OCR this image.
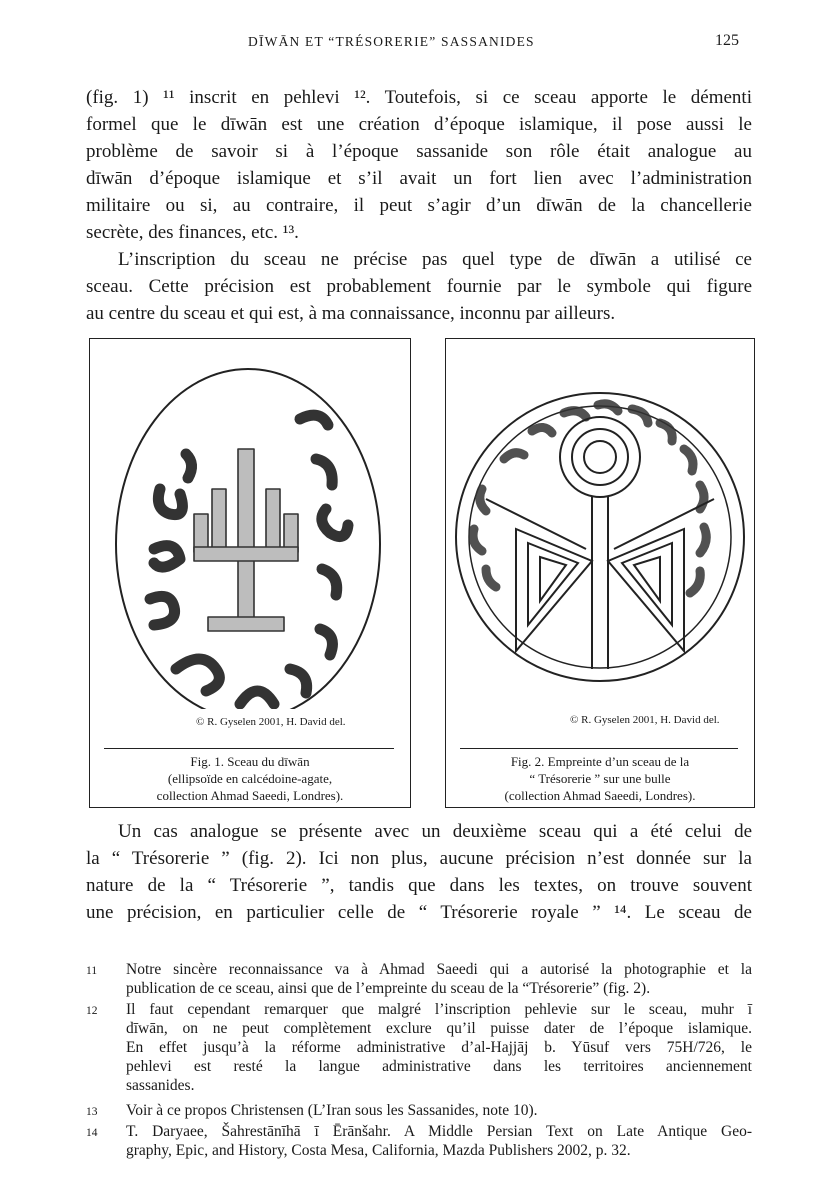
DĪWĀN ET “TRÉSORERIE” SASSANIDES	125
(fig. 1) ¹¹ inscrit en pehlevi ¹². Toutefois, si ce sceau apporte le démenti
formel que le dīwān est une création d’époque islamique, il pose aussi le
problème de savoir si à l’époque sassanide son rôle était analogue au
dīwān d’époque islamique et s’il avait un fort lien avec l’administration
militaire ou si, au contraire, il peut s’agir d’un dīwān de la chancellerie
secrète, des finances, etc. ¹³.
L’inscription du sceau ne précise pas quel type de dīwān a utilisé ce
sceau. Cette précision est probablement fournie par le symbole qui figure
au centre du sceau et qui est, à ma connaissance, inconnu par ailleurs.
© R. Gyselen 2001, H. David del.
Fig. 1. Sceau du dīwān
(ellipsoïde en calcédoine-agate,
collection Ahmad Saeedi, Londres).
© R. Gyselen 2001, H. David del.
Fig. 2. Empreinte d’un sceau de la
“ Trésorerie ” sur une bulle
(collection Ahmad Saeedi, Londres).
Un cas analogue se présente avec un deuxième sceau qui a été celui de
la “ Trésorerie ” (fig. 2). Ici non plus, aucune précision n’est donnée sur la
nature de la “ Trésorerie ”, tandis que dans les textes, on trouve souvent
une précision, en particulier celle de “ Trésorerie royale ” ¹⁴. Le sceau de
11 Notre sincère reconnaissance va à Ahmad Saeedi qui a autorisé la photographie et la
publication de ce sceau, ainsi que de l’empreinte du sceau de la “Trésorerie” (fig. 2).
12 Il faut cependant remarquer que malgré l’inscription pehlevie sur le sceau, muhr ī
dīwān, on ne peut complètement exclure qu’il puisse dater de l’époque islamique.
En effet jusqu’à la réforme administrative d’al-Hajjāj b. Yūsuf vers 75H/726, le
pehlevi est resté la langue administrative dans les territoires anciennement
sassanides.
13 Voir à ce propos Christensen (L’Iran sous les Sassanides, note 10).
14 T. Daryaee, Šahrestānīhā ī Ērānšahr. A Middle Persian Text on Late Antique Geo-
graphy, Epic, and History, Costa Mesa, California, Mazda Publishers 2002, p. 32.
